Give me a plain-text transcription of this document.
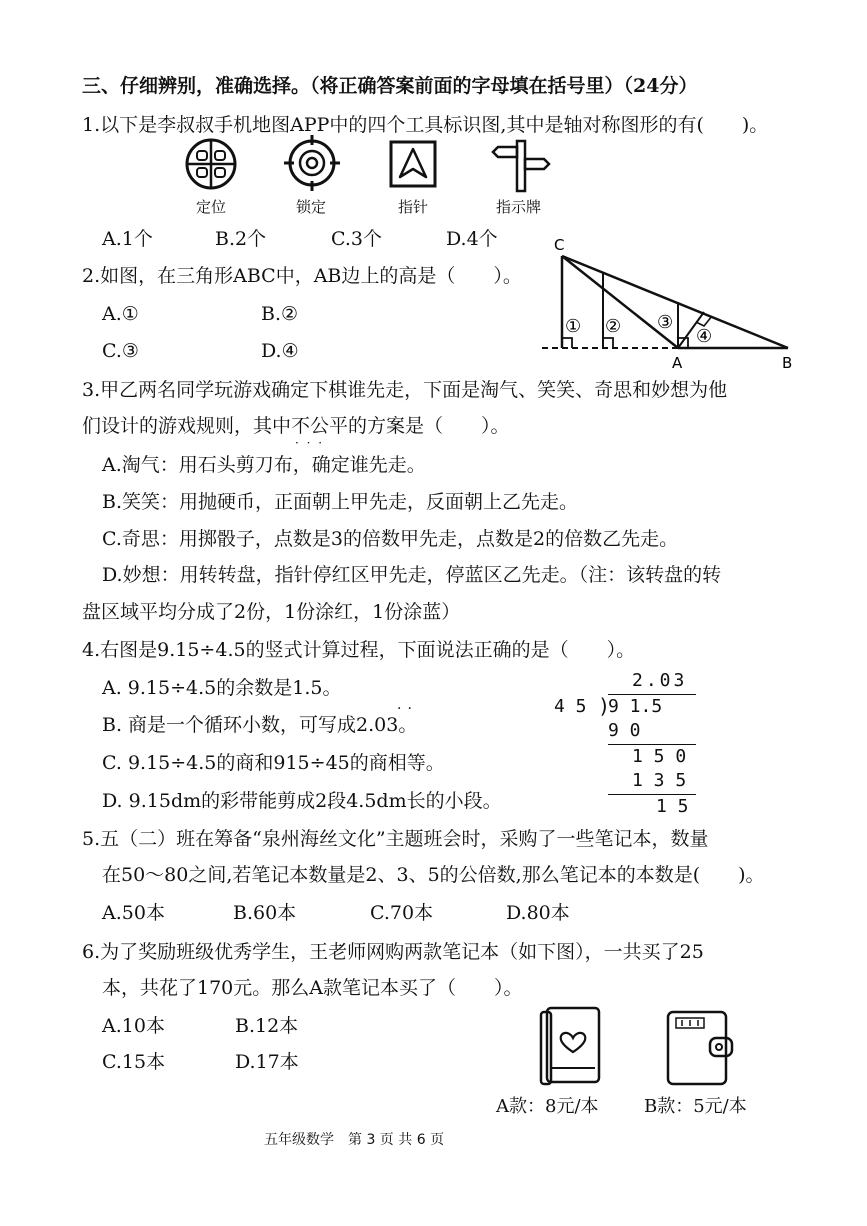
三、仔细辨别，准确选择。（将正确答案前面的字母填在括号里）（24分）
1.以下是李叔叔手机地图APP中的四个工具标识图,其中是轴对称图形的有(　　)。
定位	锁定	指针	指示牌
A.1个	B.2个	C.3个	D.4个
2.如图，在三角形ABC中，AB边上的高是（　　）。
A.①	B.②
C.③	D.④
C
A	B
① ② ③
④
3.甲乙两名同学玩游戏确定下棋谁先走，下面是淘气、笑笑、奇思和妙想为他
们设计的游戏规则，其中不公平 · · ·的方案是（　　）。
A.淘气：用石头剪刀布，确定谁先走。
B.笑笑：用抛硬币，正面朝上甲先走，反面朝上乙先走。
C.奇思：用掷骰子，点数是3的倍数甲先走，点数是2的倍数乙先走。
D.妙想：用转转盘，指针停红区甲先走，停蓝区乙先走。（注：该转盘的转
盘区域平均分成了2份，1份涂红，1份涂蓝）
4.右图是9.15÷4.5的竖式计算过程，下面说法正确的是（　　）。
A. 9.15÷4.5的余数是1.5。
B. 商是一个循环小数，可写成2.03。
··
C. 9.15÷4.5的商和915÷45的商相等。
D. 9.15dm的彩带能剪成2段4.5dm长的小段。
2.03
4 5 )
9 1.5
9 0
1 5 0
1 3 5
1 5
5.五（二）班在筹备“泉州海丝文化”主题班会时，采购了一些笔记本，数量
在50～80之间,若笔记本数量是2、3、5的公倍数,那么笔记本的本数是(　　)。
A.50本	B.60本	C.70本	D.80本
6.为了奖励班级优秀学生，王老师网购两款笔记本（如下图），一共买了25
本，共花了170元。那么A款笔记本买了（　　）。
A.10本	B.12本
C.15本	D.17本
A款：8元/本	B款：5元/本
五年级数学　第 3 页 共 6 页
